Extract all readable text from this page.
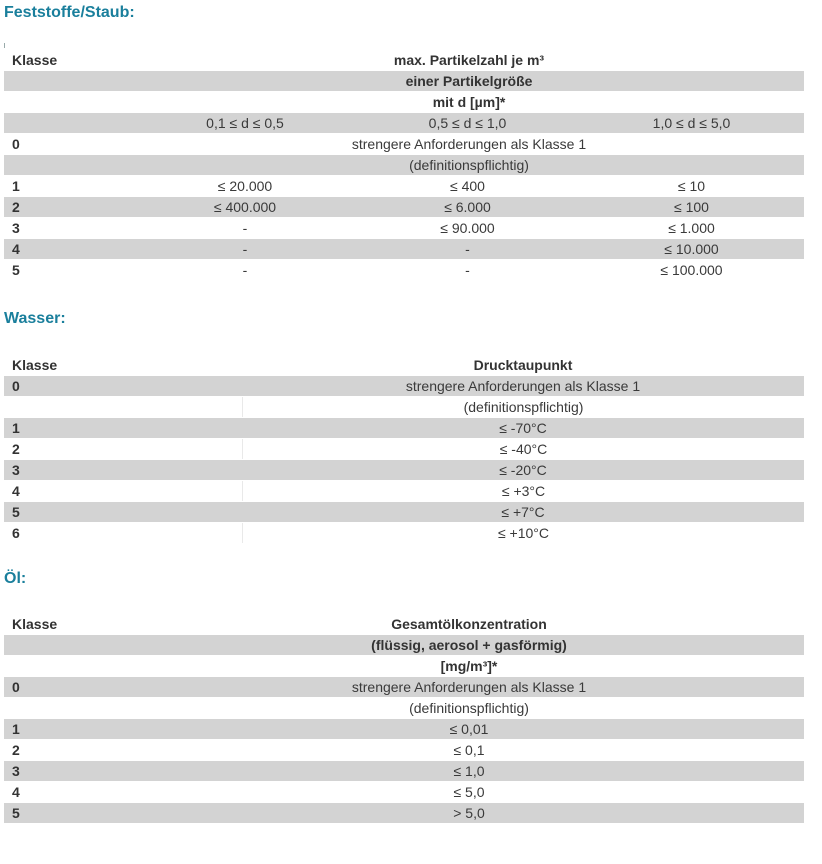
Feststoffe/Staub:
Klasse	max. Partikelzahl je m³		
	einer Partikelgröße		
	mit d [µm]*		
	0,1 ≤ d ≤ 0,5	0,5 ≤ d ≤ 1,0	1,0 ≤ d ≤ 5,0
0	strengere Anforderungen als Klasse 1		
	(definitionspflichtig)		
1	≤ 20.000	≤ 400	≤ 10
2	≤ 400.000	≤ 6.000	≤ 100
3	-	≤ 90.000	≤ 1.000
4	-	-	≤ 10.000
5	-	-	≤ 100.000
Wasser:
Klasse	Drucktaupunkt
0	strengere Anforderungen als Klasse 1
	(definitionspflichtig)
1	≤ -70°C
2	≤ -40°C
3	≤ -20°C
4	≤ +3°C
5	≤ +7°C
6	≤ +10°C
Öl:
Klasse	Gesamtölkonzentration
	(flüssig, aerosol + gasförmig)
	[mg/m³]*
0	strengere Anforderungen als Klasse 1
	(definitionspflichtig)
1	≤ 0,01
2	≤ 0,1
3	≤ 1,0
4	≤ 5,0
5	> 5,0
